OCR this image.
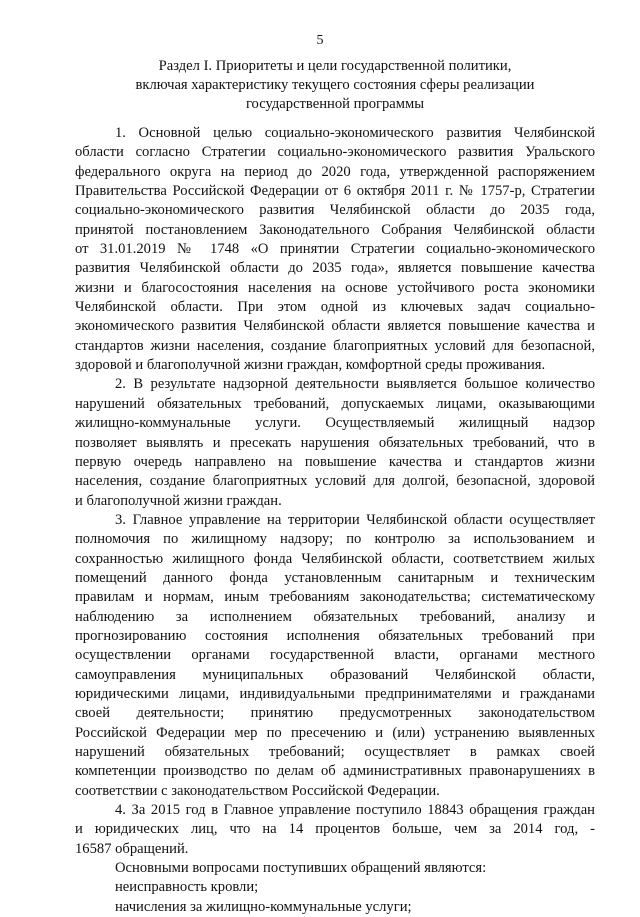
5
Раздел I. Приоритеты и цели государственной политики,
включая характеристику текущего состояния сферы реализации
государственной программы
1. Основной целью социально-экономического развития Челябинской
области согласно Стратегии социально-экономического развития Уральского
федерального округа на период до 2020 года, утвержденной распоряжением
Правительства Российской Федерации от 6 октября 2011 г. № 1757-р, Стратегии
социально-экономического развития Челябинской области до 2035 года,
принятой постановлением Законодательного Собрания Челябинской области
от 31.01.2019 № 1748 «О принятии Стратегии социально-экономического
развития Челябинской области до 2035 года», является повышение качества
жизни и благосостояния населения на основе устойчивого роста экономики
Челябинской области. При этом одной из ключевых задач социально-
экономического развития Челябинской области является повышение качества и
стандартов жизни населения, создание благоприятных условий для безопасной,
здоровой и благополучной жизни граждан, комфортной среды проживания.
2. В результате надзорной деятельности выявляется большое количество
нарушений обязательных требований, допускаемых лицами, оказывающими
жилищно-коммунальные услуги. Осуществляемый жилищный надзор
позволяет выявлять и пресекать нарушения обязательных требований, что в
первую очередь направлено на повышение качества и стандартов жизни
населения, создание благоприятных условий для долгой, безопасной, здоровой
и благополучной жизни граждан.
3. Главное управление на территории Челябинской области осуществляет
полномочия по жилищному надзору; по контролю за использованием и
сохранностью жилищного фонда Челябинской области, соответствием жилых
помещений данного фонда установленным санитарным и техническим
правилам и нормам, иным требованиям законодательства; систематическому
наблюдению за исполнением обязательных требований, анализу и
прогнозированию состояния исполнения обязательных требований при
осуществлении органами государственной власти, органами местного
самоуправления муниципальных образований Челябинской области,
юридическими лицами, индивидуальными предпринимателями и гражданами
своей деятельности; принятию предусмотренных законодательством
Российской Федерации мер по пресечению и (или) устранению выявленных
нарушений обязательных требований; осуществляет в рамках своей
компетенции производство по делам об административных правонарушениях в
соответствии с законодательством Российской Федерации.
4. За 2015 год в Главное управление поступило 18843 обращения граждан
и юридических лиц, что на 14 процентов больше, чем за 2014 год, -
16587 обращений.
Основными вопросами поступивших обращений являются:
неисправность кровли;
начисления за жилищно-коммунальные услуги;
